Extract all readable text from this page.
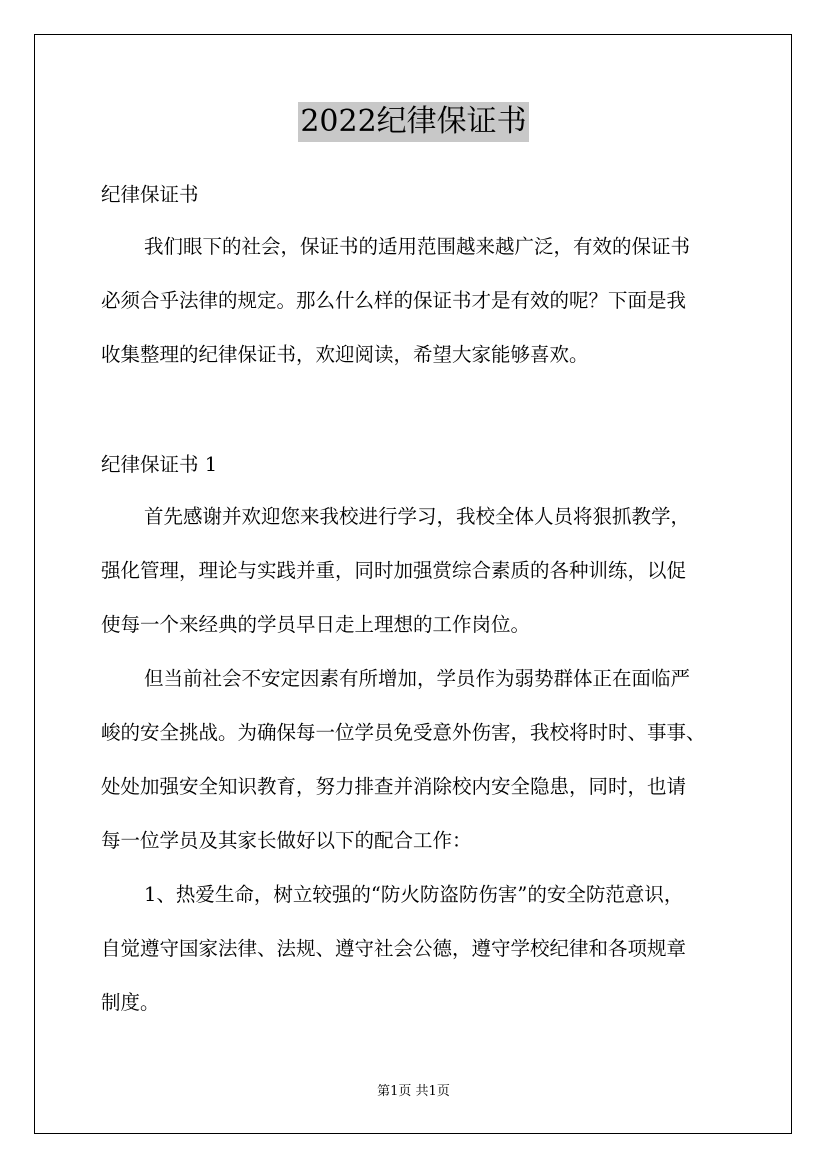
2022纪律保证书
纪律保证书
我们眼下的社会，保证书的适用范围越来越广泛，有效的保证书
必须合乎法律的规定。那么什么样的保证书才是有效的呢？下面是我
收集整理的纪律保证书，欢迎阅读，希望大家能够喜欢。
纪律保证书 1
首先感谢并欢迎您来我校进行学习，我校全体人员将狠抓教学，
强化管理，理论与实践并重，同时加强赏综合素质的各种训练，以促
使每一个来经典的学员早日走上理想的工作岗位。
但当前社会不安定因素有所增加，学员作为弱势群体正在面临严
峻的安全挑战。为确保每一位学员免受意外伤害，我校将时时、事事、
处处加强安全知识教育，努力排查并消除校内安全隐患，同时，也请
每一位学员及其家长做好以下的配合工作：
1、热爱生命，树立较强的“防火防盗防伤害”的安全防范意识，
自觉遵守国家法律、法规、遵守社会公德，遵守学校纪律和各项规章
制度。
第1页 共1页
